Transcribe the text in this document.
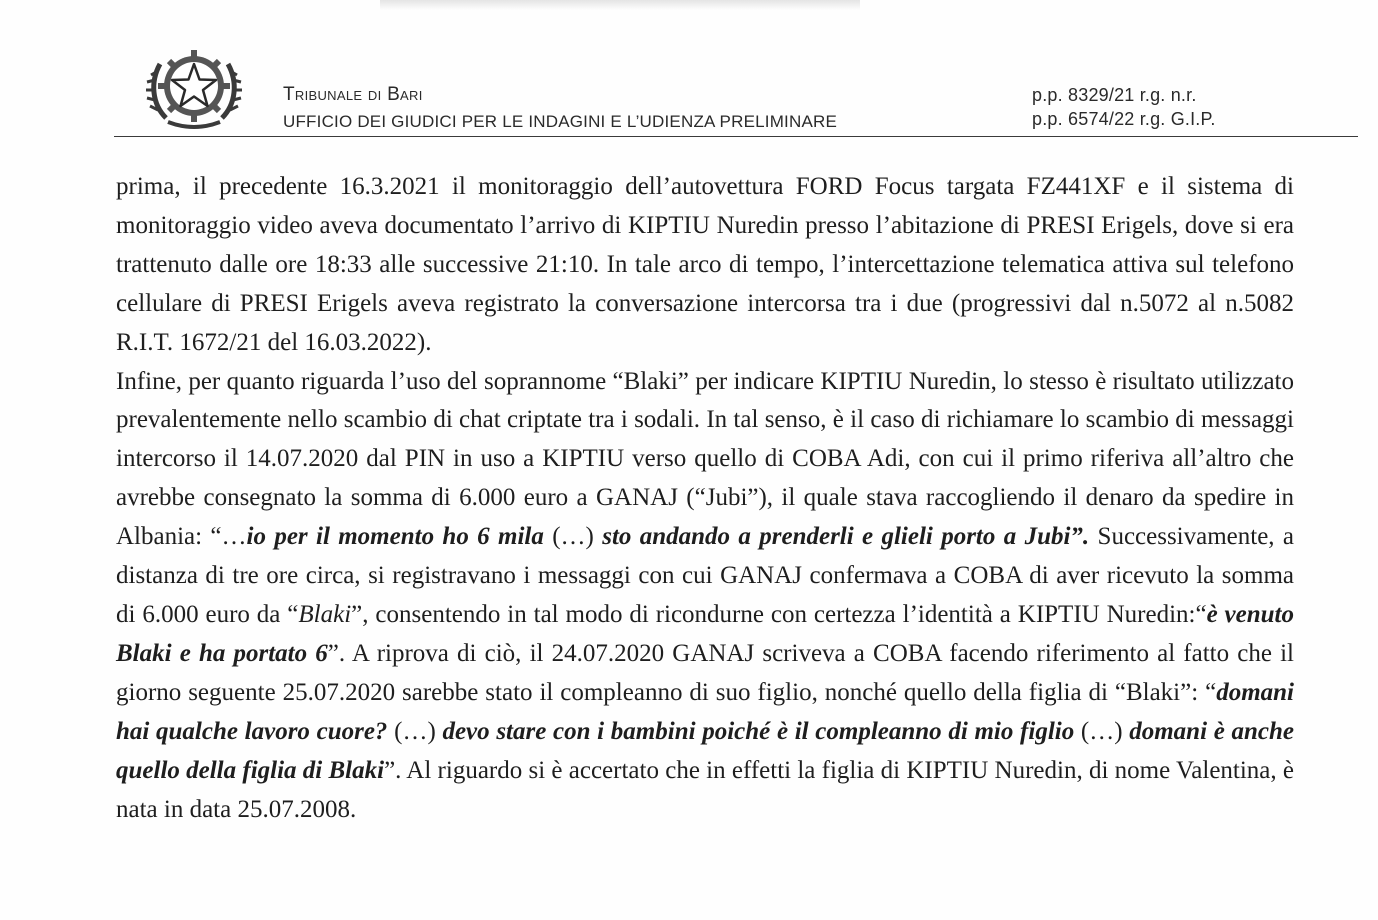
Tribunale di Bari
UFFICIO DEI GIUDICI PER LE INDAGINI E L’UDIENZA PRELIMINARE
p.p. 8329/21 r.g. n.r.
p.p. 6574/22 r.g. G.I.P.

prima, il precedente 16.3.2021 il monitoraggio dell’autovettura FORD Focus targata FZ441XF e il sistema di monitoraggio video aveva documentato l’arrivo di KIPTIU Nuredin presso l’abitazione di PRESI Erigels, dove si era trattenuto dalle ore 18:33 alle successive 21:10. In tale arco di tempo, l’intercettazione telematica attiva sul telefono cellulare di PRESI Erigels aveva registrato la conversazione intercorsa tra i due (progressivi dal n.5072 al n.5082 R.I.T. 1672/21 del 16.03.2022).

Infine, per quanto riguarda l’uso del soprannome “Blaki” per indicare KIPTIU Nuredin, lo stesso è risultato utilizzato prevalentemente nello scambio di chat criptate tra i sodali. In tal senso, è il caso di richiamare lo scambio di messaggi intercorso il 14.07.2020 dal PIN in uso a KIPTIU verso quello di COBA Adi, con cui il primo riferiva all’altro che avrebbe consegnato la somma di 6.000 euro a GANAJ (“Jubi”), il quale stava raccogliendo il denaro da spedire in Albania: “…io per il momento ho 6 mila (…) sto andando a prenderli e glieli porto a Jubi”. Successivamente, a distanza di tre ore circa, si registravano i messaggi con cui GANAJ confermava a COBA di aver ricevuto la somma di 6.000 euro da “Blaki”, consentendo in tal modo di ricondurne con certezza l’identità a KIPTIU Nuredin:“è venuto Blaki e ha portato 6”. A riprova di ciò, il 24.07.2020 GANAJ scriveva a COBA facendo riferimento al fatto che il giorno seguente 25.07.2020 sarebbe stato il compleanno di suo figlio, nonché quello della figlia di “Blaki”: “domani hai qualche lavoro cuore? (…) devo stare con i bambini poiché è il compleanno di mio figlio (…) domani è anche quello della figlia di Blaki”. Al riguardo si è accertato che in effetti la figlia di KIPTIU Nuredin, di nome Valentina, è nata in data 25.07.2008.
